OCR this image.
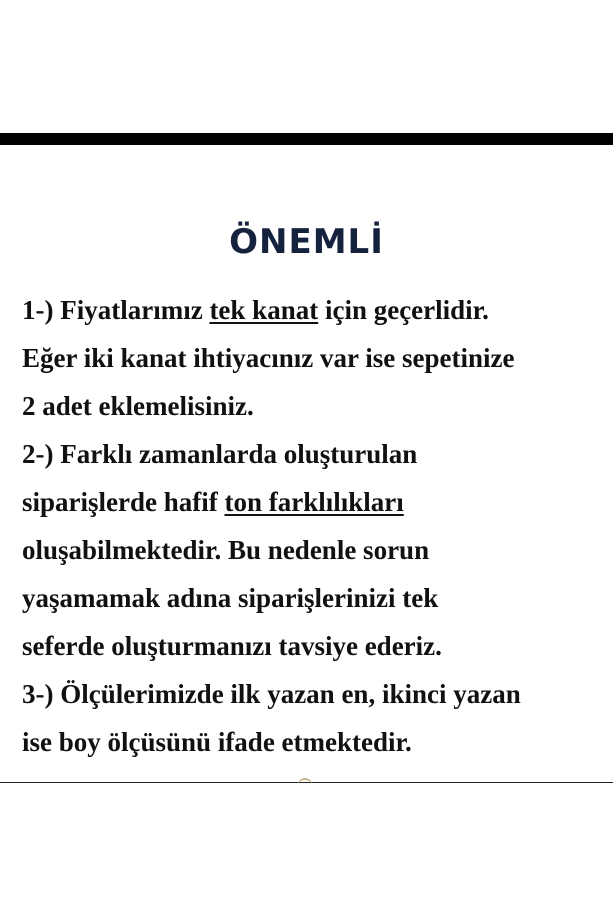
ÖNEMLİ
1-) Fiyatlarımız tek kanat için geçerlidir.
Eğer iki kanat ihtiyacınız var ise sepetinize
2 adet eklemelisiniz.
2-) Farklı zamanlarda oluşturulan
siparişlerde hafif ton farklılıkları
oluşabilmektedir. Bu nedenle sorun
yaşamamak adına siparişlerinizi tek
seferde oluşturmanızı tavsiye ederiz.
3-) Ölçülerimizde ilk yazan en, ikinci yazan
ise boy ölçüsünü ifade etmektedir.
